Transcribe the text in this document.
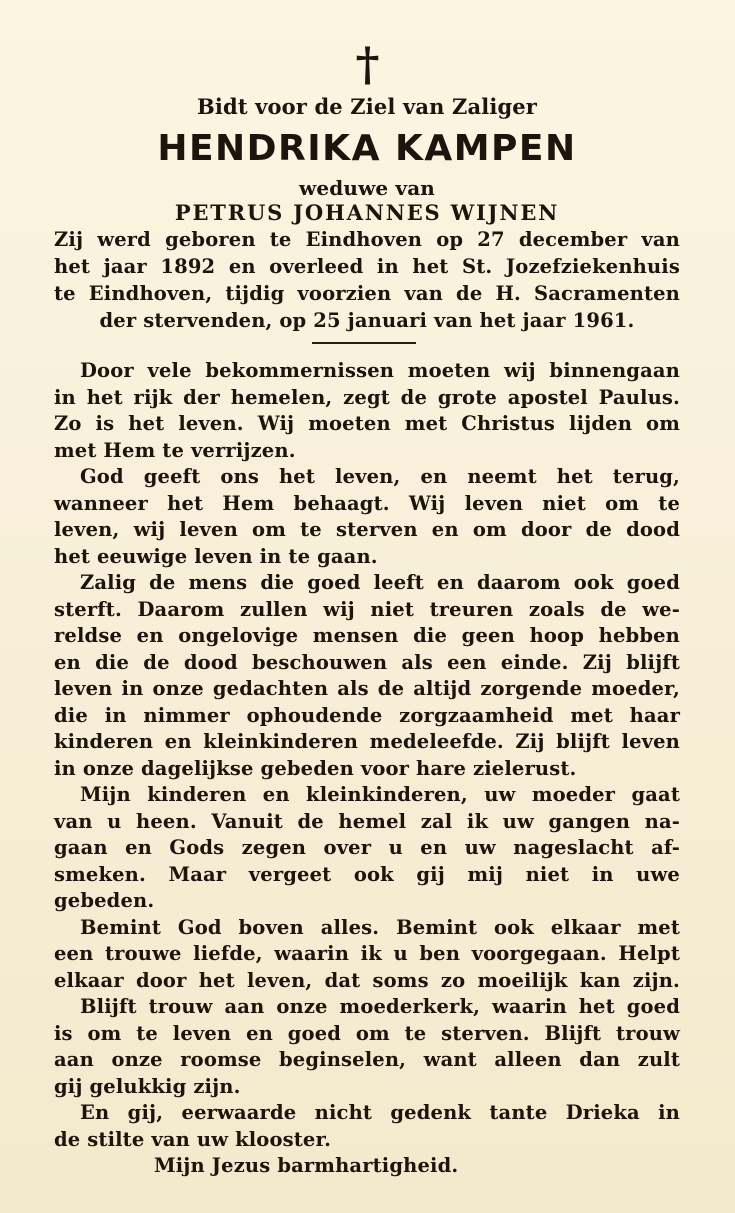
†
Bidt voor de Ziel van Zaliger
HENDRIKA KAMPEN
weduwe van
PETRUS JOHANNES WIJNEN
Zij werd geboren te Eindhoven op 27 december van
het jaar 1892 en overleed in het St. Jozefziekenhuis
te Eindhoven, tijdig voorzien van de H. Sacramenten
der stervenden, op 25 januari van het jaar 1961.
Door vele bekommernissen moeten wij binnengaan
in het rijk der hemelen, zegt de grote apostel Paulus.
Zo is het leven. Wij moeten met Christus lijden om
met Hem te verrijzen.
God geeft ons het leven, en neemt het terug,
wanneer het Hem behaagt. Wij leven niet om te
leven, wij leven om te sterven en om door de dood
het eeuwige leven in te gaan.
Zalig de mens die goed leeft en daarom ook goed
sterft. Daarom zullen wij niet treuren zoals de we-
reldse en ongelovige mensen die geen hoop hebben
en die de dood beschouwen als een einde. Zij blijft
leven in onze gedachten als de altijd zorgende moeder,
die in nimmer ophoudende zorgzaamheid met haar
kinderen en kleinkinderen medeleefde. Zij blijft leven
in onze dagelijkse gebeden voor hare zielerust.
Mijn kinderen en kleinkinderen, uw moeder gaat
van u heen. Vanuit de hemel zal ik uw gangen na-
gaan en Gods zegen over u en uw nageslacht af-
smeken. Maar vergeet ook gij mij niet in uwe
gebeden.
Bemint God boven alles. Bemint ook elkaar met
een trouwe liefde, waarin ik u ben voorgegaan. Helpt
elkaar door het leven, dat soms zo moeilijk kan zijn.
Blijft trouw aan onze moederkerk, waarin het goed
is om te leven en goed om te sterven. Blijft trouw
aan onze roomse beginselen, want alleen dan zult
gij gelukkig zijn.
En gij, eerwaarde nicht gedenk tante Drieka in
de stilte van uw klooster.
Mijn Jezus barmhartigheid.
